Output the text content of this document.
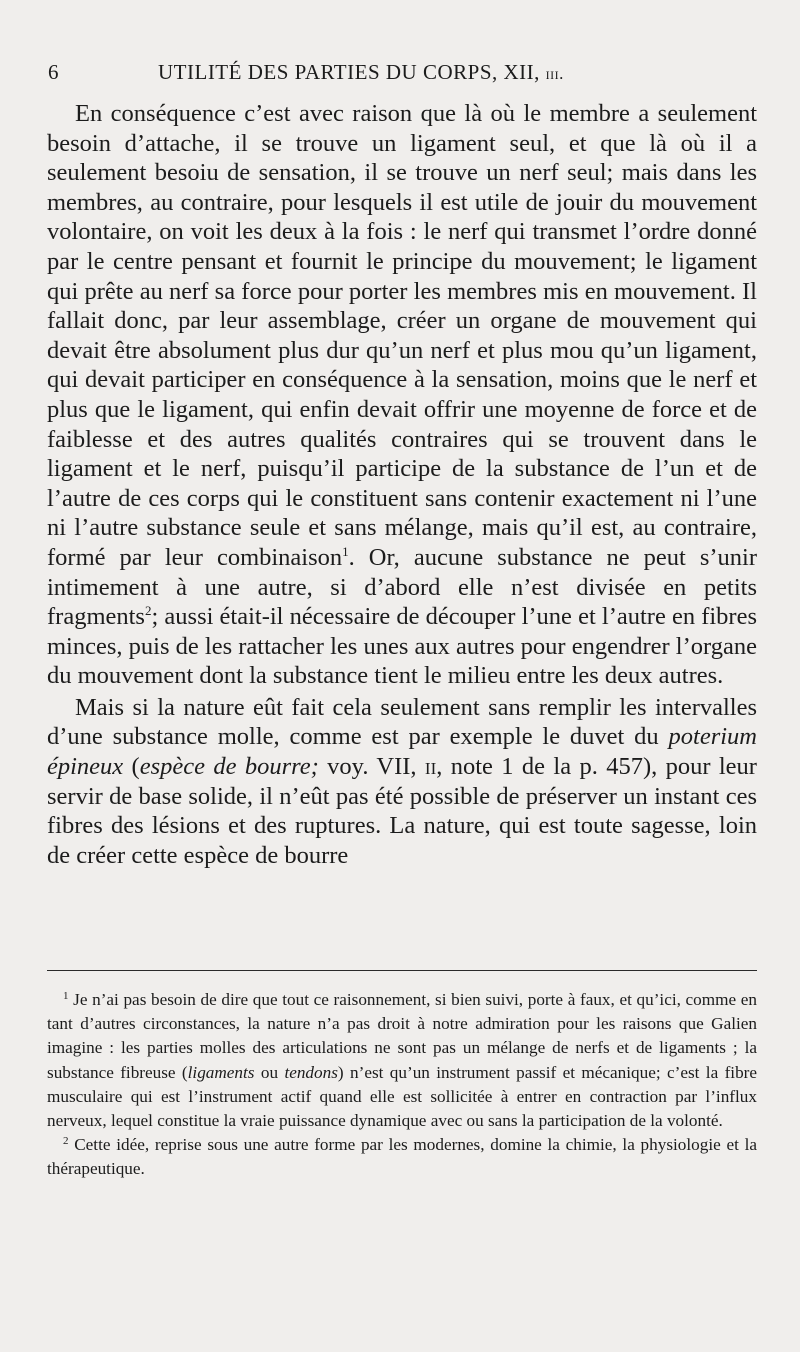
6	UTILITÉ DES PARTIES DU CORPS, XII, iii.

En conséquence c’est avec raison que là où le membre a seulement besoin d’attache, il se trouve un ligament seul, et que là où il a seulement besoiu de sensation, il se trouve un nerf seul; mais dans les membres, au contraire, pour lesquels il est utile de jouir du mouvement volontaire, on voit les deux à la fois : le nerf qui transmet l’ordre donné par le centre pensant et fournit le principe du mouvement; le ligament qui prête au nerf sa force pour porter les membres mis en mouvement. Il fallait donc, par leur assemblage, créer un organe de mouvement qui devait être absolument plus dur qu’un nerf et plus mou qu’un ligament, qui devait participer en conséquence à la sensation, moins que le nerf et plus que le ligament, qui enfin devait offrir une moyenne de force et de faiblesse et des autres qualités contraires qui se trouvent dans le ligament et le nerf, puisqu’il participe de la substance de l’un et de l’autre de ces corps qui le constituent sans contenir exactement ni l’une ni l’autre substance seule et sans mélange, mais qu’il est, au contraire, formé par leur combinaison$^1$. Or, aucune substance ne peut s’unir intimement à une autre, si d’abord elle n’est divisée en petits fragments$^2$; aussi était-il nécessaire de découper l’une et l’autre en fibres minces, puis de les rattacher les unes aux autres pour engendrer l’organe du mouvement dont la substance tient le milieu entre les deux autres.

Mais si la nature eût fait cela seulement sans remplir les intervalles d’une substance molle, comme est par exemple le duvet du poterium épineux (espèce de bourre; voy. VII, ii, note 1 de la p. 457), pour leur servir de base solide, il n’eût pas été possible de préserver un instant ces fibres des lésions et des ruptures. La nature, qui est toute sagesse, loin de créer cette espèce de bourre

$^1$ Je n’ai pas besoin de dire que tout ce raisonnement, si bien suivi, porte à faux, et qu’ici, comme en tant d’autres circonstances, la nature n’a pas droit à notre admiration pour les raisons que Galien imagine : les parties molles des articulations ne sont pas un mélange de nerfs et de ligaments ; la substance fibreuse (ligaments ou tendons) n’est qu’un instrument passif et mécanique; c’est la fibre musculaire qui est l’instrument actif quand elle est sollicitée à entrer en contraction par l’influx nerveux, lequel constitue la vraie puissance dynamique avec ou sans la participation de la volonté.

$^2$ Cette idée, reprise sous une autre forme par les modernes, domine la chimie, la physiologie et la thérapeutique.
